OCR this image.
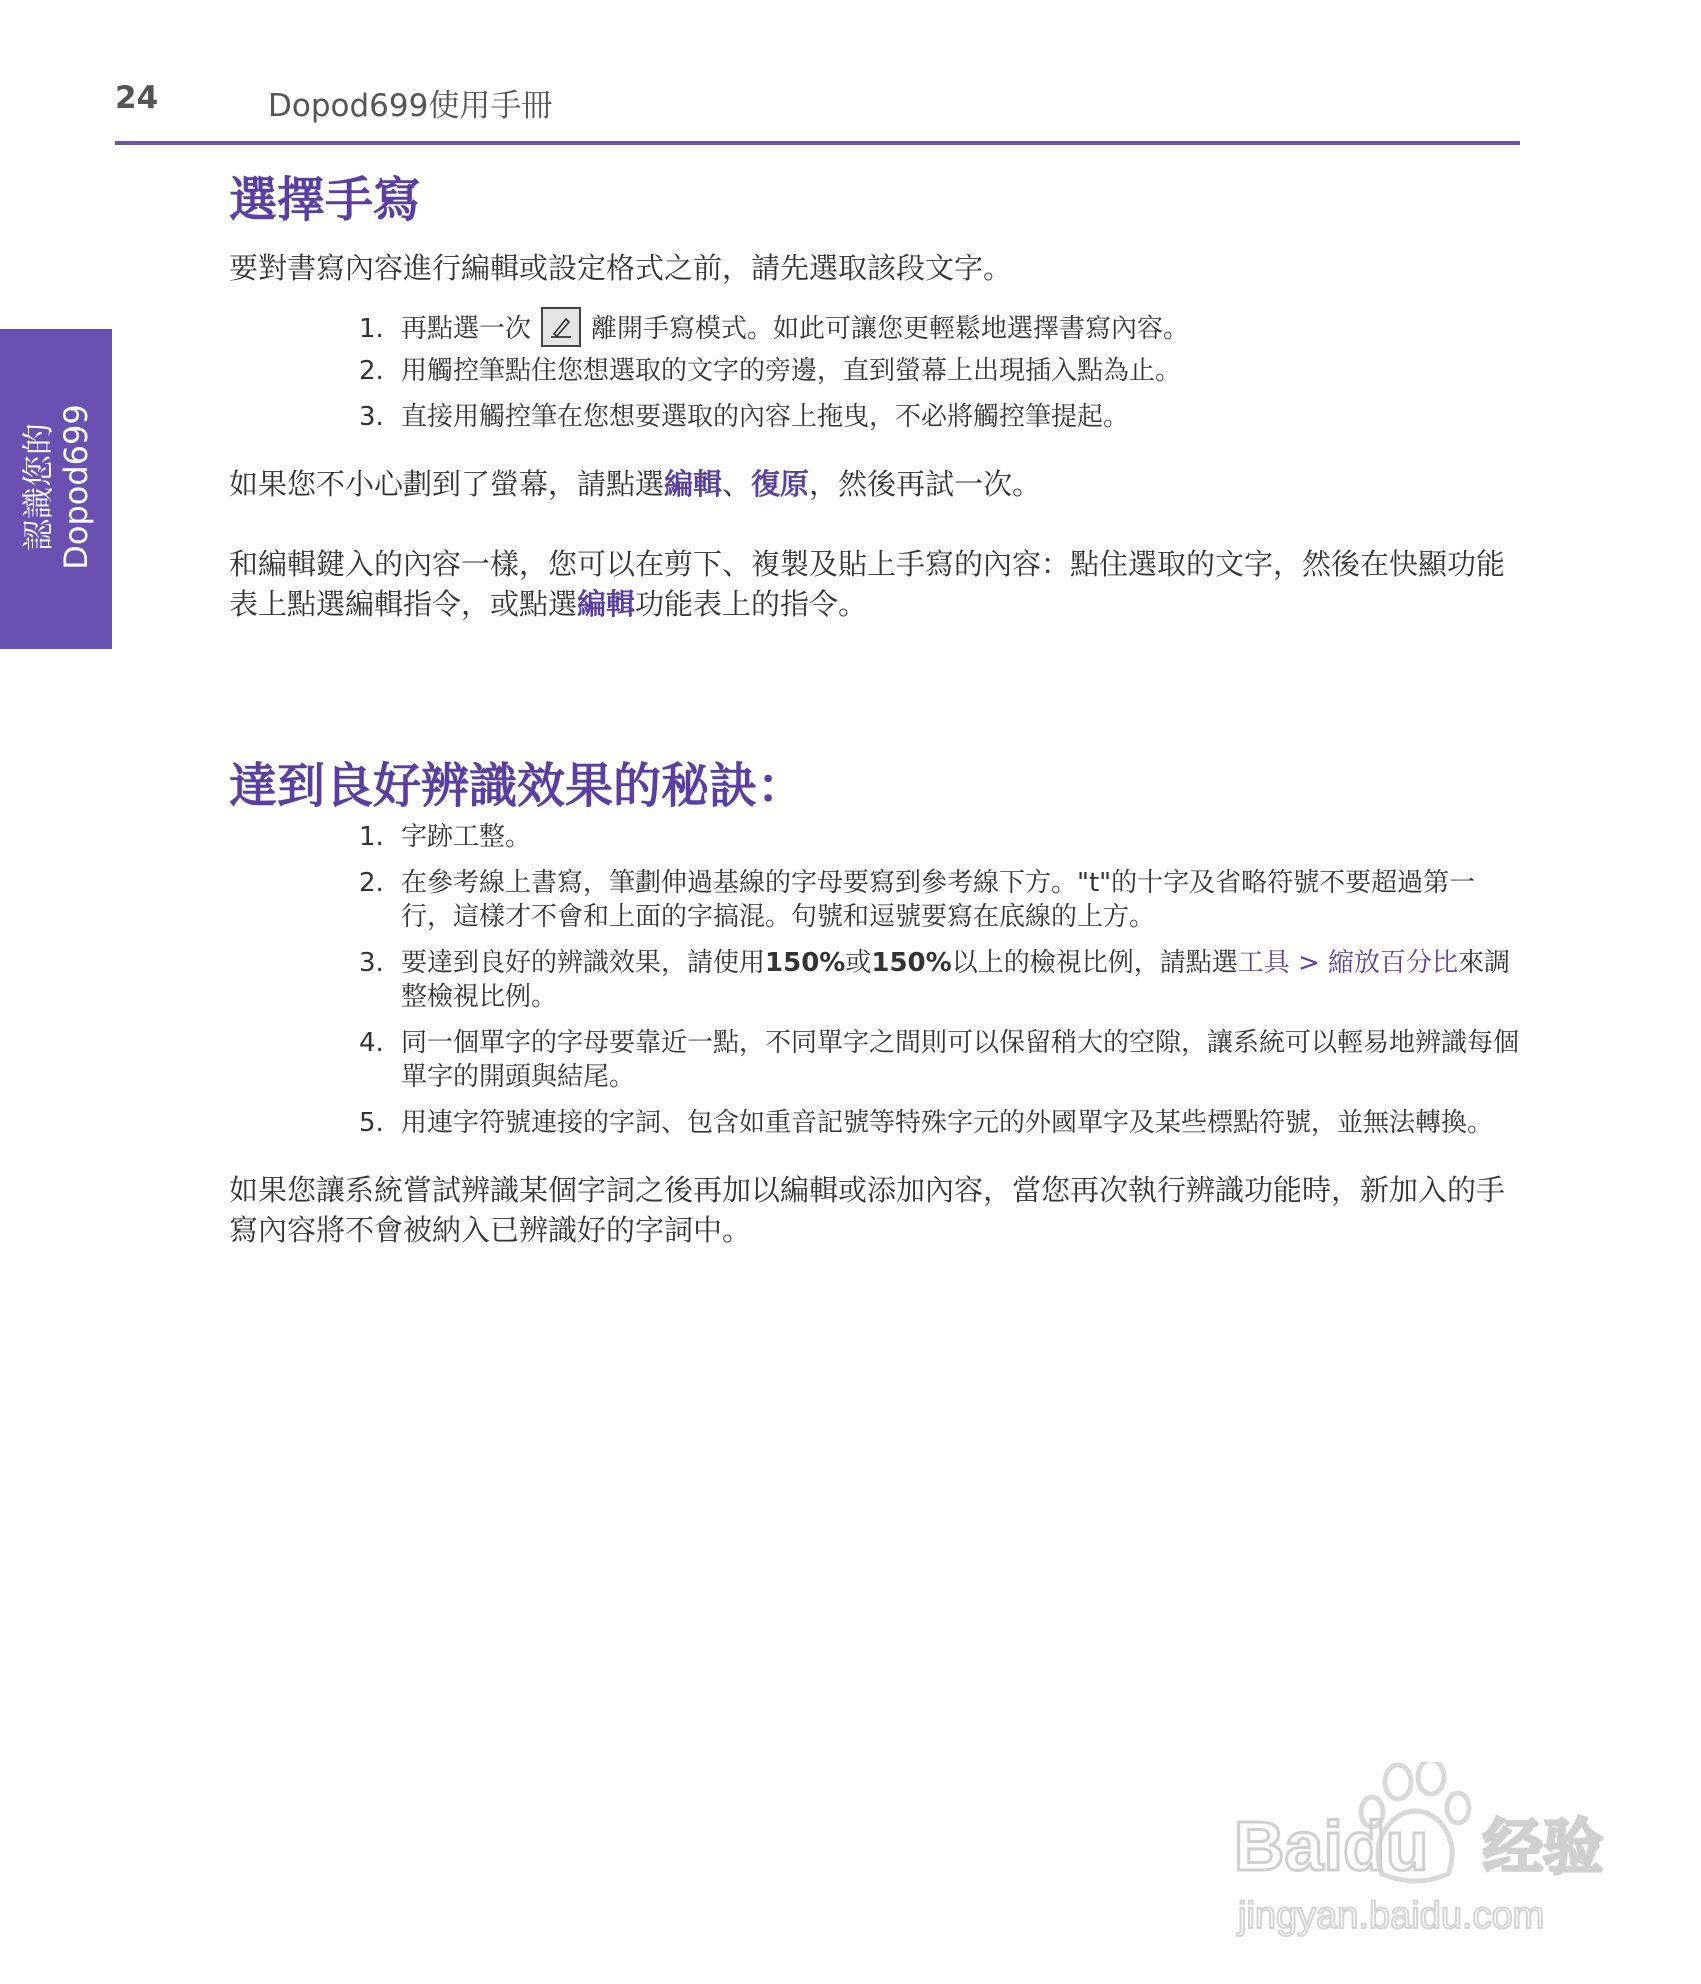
24	Dopod699使用手冊
認識您的 Dopod699
選擇手寫

要對書寫內容進行編輯或設定格式之前，請先選取該段文字。

1. 再點選一次 離開手寫模式。如此可讓您更輕鬆地選擇書寫內容。
2. 用觸控筆點住您想選取的文字的旁邊，直到螢幕上出現插入點為止。
3. 直接用觸控筆在您想要選取的內容上拖曳，不必將觸控筆提起。

如果您不小心劃到了螢幕，請點選編輯、復原，然後再試一次。

和編輯鍵入的內容一樣，您可以在剪下、複製及貼上手寫的內容：點住選取的文字，然後在快顯功能表上點選編輯指令，或點選編輯功能表上的指令。

達到良好辨識效果的秘訣：
1. 字跡工整。
2. 在參考線上書寫，筆劃伸過基線的字母要寫到參考線下方。"t"的十字及省略符號不要超過第一行，這樣才不會和上面的字搞混。句號和逗號要寫在底線的上方。
3. 要達到良好的辨識效果，請使用150%或150%以上的檢視比例，請點選工具 > 縮放百分比來調整檢視比例。
4. 同一個單字的字母要靠近一點，不同單字之間則可以保留稍大的空隙，讓系統可以輕易地辨識每個單字的開頭與結尾。
5. 用連字符號連接的字詞、包含如重音記號等特殊字元的外國單字及某些標點符號，並無法轉換。

如果您讓系統嘗試辨識某個字詞之後再加以編輯或添加內容，當您再次執行辨識功能時，新加入的手寫內容將不會被納入已辨識好的字詞中。

Baidu 经验
jingyan.baidu.com
